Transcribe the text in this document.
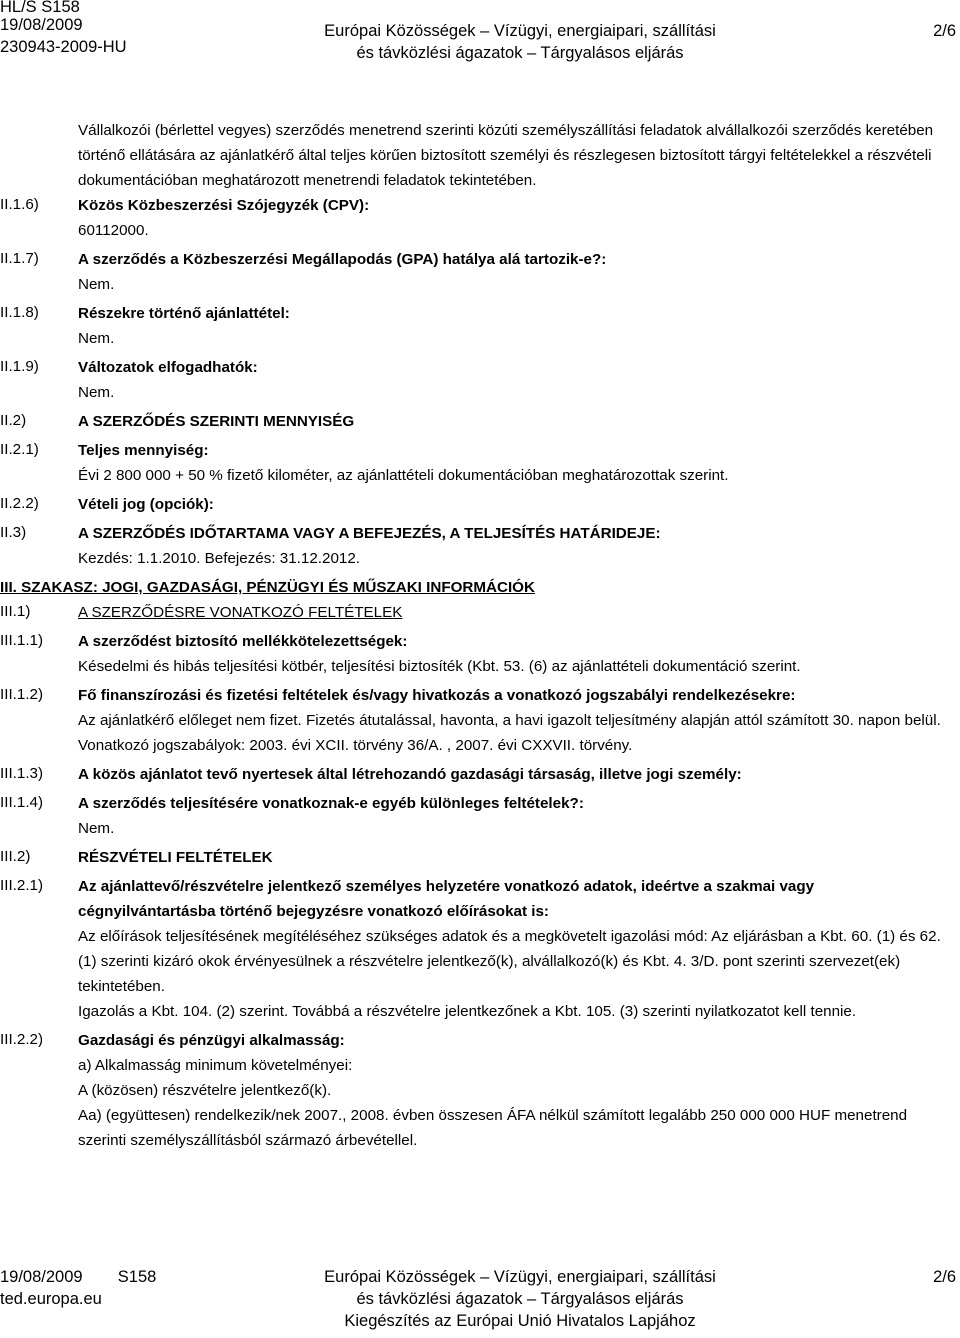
HL/S S158
19/08/2009
230943-2009-HU
Európai Közösségek – Vízügyi, energiaipari, szállítási
és távközlési ágazatok – Tárgyalásos eljárás
2/6

Vállalkozói (bérlettel vegyes) szerződés menetrend szerinti közúti személyszállítási feladatok alvállalkozói szerződés keretében történő ellátására az ajánlatkérő által teljes körűen biztosított személyi és részlegesen biztosított tárgyi feltételekkel a részvételi dokumentációban meghatározott menetrendi feladatok tekintetében.

II.1.6)	Közös Közbeszerzési Szójegyzék (CPV):
60112000.
II.1.7)	A szerződés a Közbeszerzési Megállapodás (GPA) hatálya alá tartozik-e?:
Nem.
II.1.8)	Részekre történő ajánlattétel:
Nem.
II.1.9)	Változatok elfogadhatók:
Nem.
II.2)	A SZERZŐDÉS SZERINTI MENNYISÉG
II.2.1)	Teljes mennyiség:
Évi 2 800 000 + 50 % fizető kilométer, az ajánlattételi dokumentációban meghatározottak szerint.
II.2.2)	Vételi jog (opciók):
II.3)	A SZERZŐDÉS IDŐTARTAMA VAGY A BEFEJEZÉS, A TELJESÍTÉS HATÁRIDEJE:
Kezdés: 1.1.2010. Befejezés: 31.12.2012.
III. SZAKASZ: JOGI, GAZDASÁGI, PÉNZÜGYI ÉS MŰSZAKI INFORMÁCIÓK
III.1)	A SZERZŐDÉSRE VONATKOZÓ FELTÉTELEK
III.1.1) A szerződést biztosító mellékkötelezettségek:
Késedelmi és hibás teljesítési kötbér, teljesítési biztosíték (Kbt. 53. (6) az ajánlattételi dokumentáció szerint.
III.1.2) Fő finanszírozási és fizetési feltételek és/vagy hivatkozás a vonatkozó jogszabályi rendelkezésekre:
Az ajánlatkérő előleget nem fizet. Fizetés átutalással, havonta, a havi igazolt teljesítmény alapján attól számított 30. napon belül.
Vonatkozó jogszabályok: 2003. évi XCII. törvény 36/A. , 2007. évi CXXVII. törvény.
III.1.3) A közös ajánlatot tevő nyertesek által létrehozandó gazdasági társaság, illetve jogi személy:
III.1.4) A szerződés teljesítésére vonatkoznak-e egyéb különleges feltételek?:
Nem.
III.2)	RÉSZVÉTELI FELTÉTELEK
III.2.1) Az ajánlattevő/részvételre jelentkező személyes helyzetére vonatkozó adatok, ideértve a szakmai vagy cégnyilvántartásba történő bejegyzésre vonatkozó előírásokat is:
Az előírások teljesítésének megítéléséhez szükséges adatok és a megkövetelt igazolási mód: Az eljárásban a Kbt. 60. (1) és 62. (1) szerinti kizáró okok érvényesülnek a részvételre jelentkező(k), alvállalkozó(k) és Kbt. 4. 3/D. pont szerinti szervezet(ek) tekintetében.
Igazolás a Kbt. 104. (2) szerint. Továbbá a részvételre jelentkezőnek a Kbt. 105. (3) szerinti nyilatkozatot kell tennie.
III.2.2) Gazdasági és pénzügyi alkalmasság:
a) Alkalmasság minimum követelményei:
A (közösen) részvételre jelentkező(k).
Aa) (együttesen) rendelkezik/nek 2007., 2008. évben összesen ÁFA nélkül számított legalább 250 000 000 HUF menetrend szerinti személyszállításból származó árbevétellel.
19/08/2009 S158
ted.europa.eu
Európai Közösségek – Vízügyi, energiaipari, szállítási
és távközlési ágazatok – Tárgyalásos eljárás
Kiegészítés az Európai Unió Hivatalos Lapjához
2/6
